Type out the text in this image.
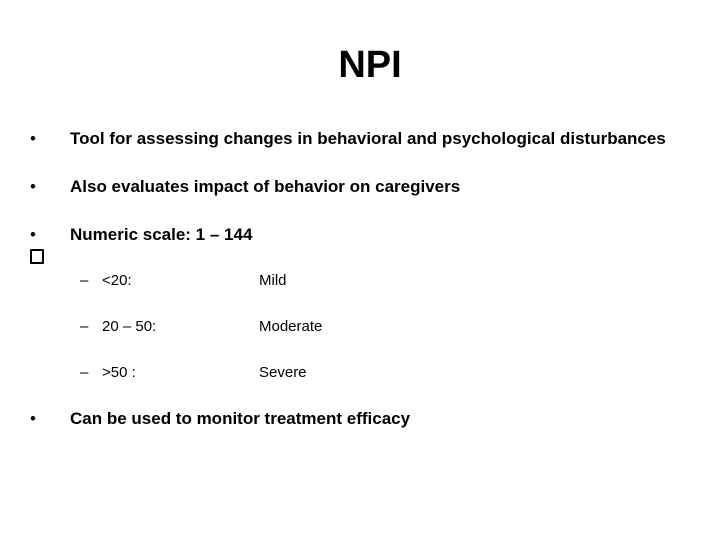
NPI
• Tool for assessing changes in behavioral and psychological disturbances
• Also evaluates impact of behavior on caregivers
• Numeric scale: 1 – 144
– <20:	Mild
– 20 – 50:	Moderate
– >50 :	Severe
• Can be used to monitor treatment efficacy
